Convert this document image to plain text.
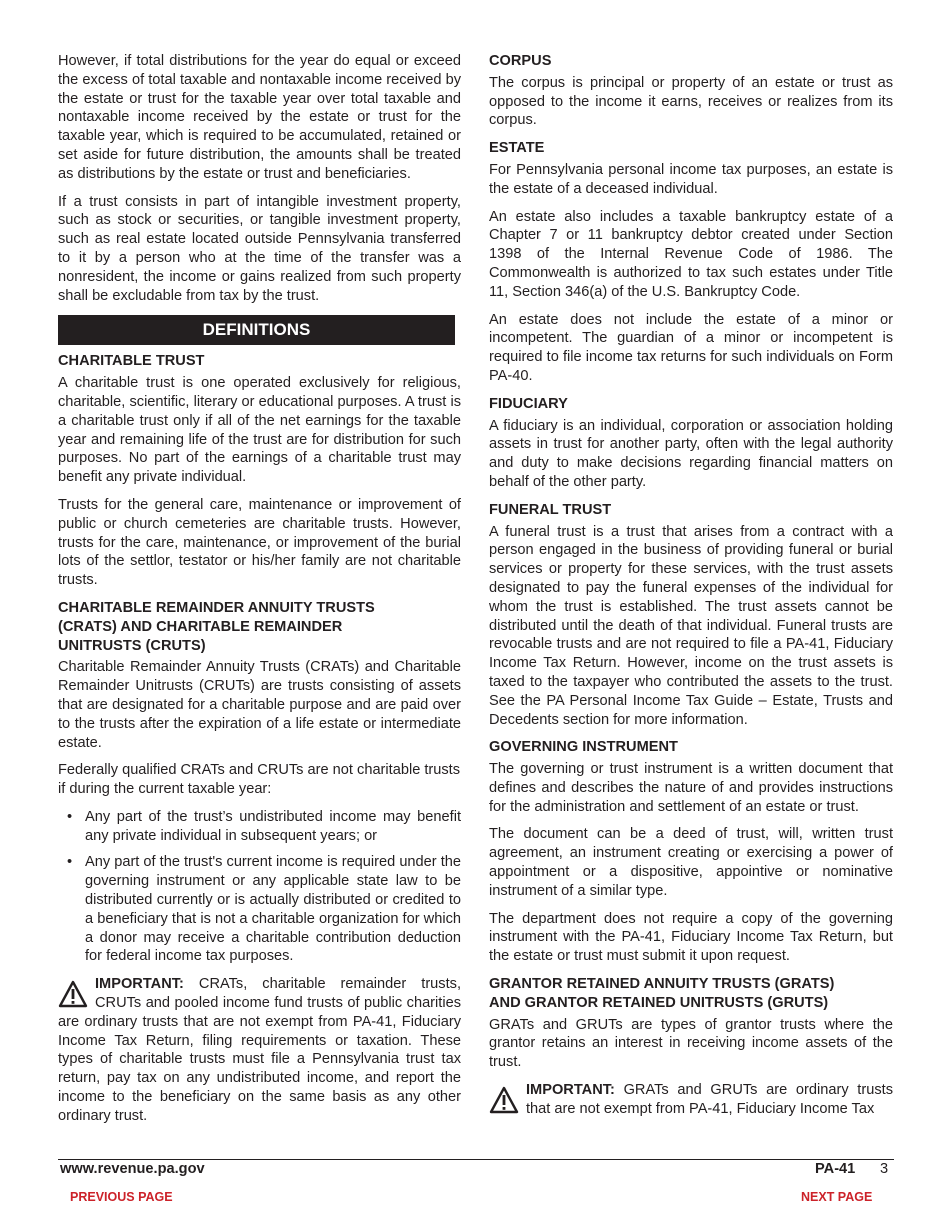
However, if total distributions for the year do equal or exceed the excess of total taxable and nontaxable income received by the estate or trust for the taxable year over total taxable and nontaxable income received by the estate or trust for the taxable year, which is required to be accumulated, retained or set aside for future distribution, the amounts shall be treated as distributions by the estate or trust and beneficiaries.

If a trust consists in part of intangible investment property, such as stock or securities, or tangible investment property, such as real estate located outside Pennsylvania transferred to it by a person who at the time of the transfer was a nonresident, the income or gains realized from such property shall be excludable from tax by the trust.

DEFINITIONS
CHARITABLE TRUST

A charitable trust is one operated exclusively for religious, charitable, scientific, literary or educational purposes. A trust is a charitable trust only if all of the net earnings for the taxable year and remaining life of the trust are for distribution for such purposes. No part of the earnings of a charitable trust may benefit any private individual.

Trusts for the general care, maintenance or improvement of public or church cemeteries are charitable trusts. However, trusts for the care, maintenance, or improvement of the burial lots of the settlor, testator or his/her family are not charitable trusts.

CHARITABLE REMAINDER ANNUITY TRUSTS
(CRATS) AND CHARITABLE REMAINDER
UNITRUSTS (CRUTS)

Charitable Remainder Annuity Trusts (CRATs) and Charitable Remainder Unitrusts (CRUTs) are trusts consisting of assets that are designated for a charitable purpose and are paid over to the trusts after the expiration of a life estate or intermediate estate.

Federally qualified CRATs and CRUTs are not charitable trusts if during the current taxable year:

• Any part of the trust’s undistributed income may benefit any private individual in subsequent years; or
• Any part of the trust's current income is required under the governing instrument or any applicable state law to be distributed currently or is actually distributed or credited to a beneficiary that is not a charitable organization for which a donor may receive a charitable contribution deduction for federal income tax purposes.
IMPORTANT: CRATs, charitable remainder trusts, CRUTs and pooled income fund trusts of public charities are ordinary trusts that are not exempt from PA-41, Fiduciary Income Tax Return, filing requirements or taxation. These types of charitable trusts must file a Pennsylvania trust tax return, pay tax on any undistributed income, and report the income to the beneficiary on the same basis as any other ordinary trust.
CORPUS

The corpus is principal or property of an estate or trust as opposed to the income it earns, receives or realizes from its corpus.

ESTATE

For Pennsylvania personal income tax purposes, an estate is the estate of a deceased individual.

An estate also includes a taxable bankruptcy estate of a Chapter 7 or 11 bankruptcy debtor created under Section 1398 of the Internal Revenue Code of 1986. The Commonwealth is authorized to tax such estates under Title 11, Section 346(a) of the U.S. Bankruptcy Code.

An estate does not include the estate of a minor or incompetent. The guardian of a minor or incompetent is required to file income tax returns for such individuals on Form PA-40.

FIDUCIARY

A fiduciary is an individual, corporation or association holding assets in trust for another party, often with the legal authority and duty to make decisions regarding financial matters on behalf of the other party.

FUNERAL TRUST

A funeral trust is a trust that arises from a contract with a person engaged in the business of providing funeral or burial services or property for these services, with the trust assets designated to pay the funeral expenses of the individual for whom the trust is established. The trust assets cannot be distributed until the death of that individual. Funeral trusts are revocable trusts and are not required to file a PA-41, Fiduciary Income Tax Return. However, income on the trust assets is taxed to the taxpayer who contributed the assets to the trust. See the PA Personal Income Tax Guide – Estate, Trusts and Decedents section for more information.

GOVERNING INSTRUMENT

The governing or trust instrument is a written document that defines and describes the nature of and provides instructions for the administration and settlement of an estate or trust.

The document can be a deed of trust, will, written trust agreement, an instrument creating or exercising a power of appointment or a dispositive, appointive or nominative instrument of a similar type.

The department does not require a copy of the governing instrument with the PA-41, Fiduciary Income Tax Return, but the estate or trust must submit it upon request.

GRANTOR RETAINED ANNUITY TRUSTS (GRATS)
AND GRANTOR RETAINED UNITRUSTS (GRUTS)

GRATs and GRUTs are types of grantor trusts where the grantor retains an interest in receiving income assets of the trust.

IMPORTANT: GRATs and GRUTs are ordinary trusts that are not exempt from PA-41, Fiduciary Income Tax
www.revenue.pa.gov	PA-41 3
PREVIOUS PAGE	NEXT PAGE
